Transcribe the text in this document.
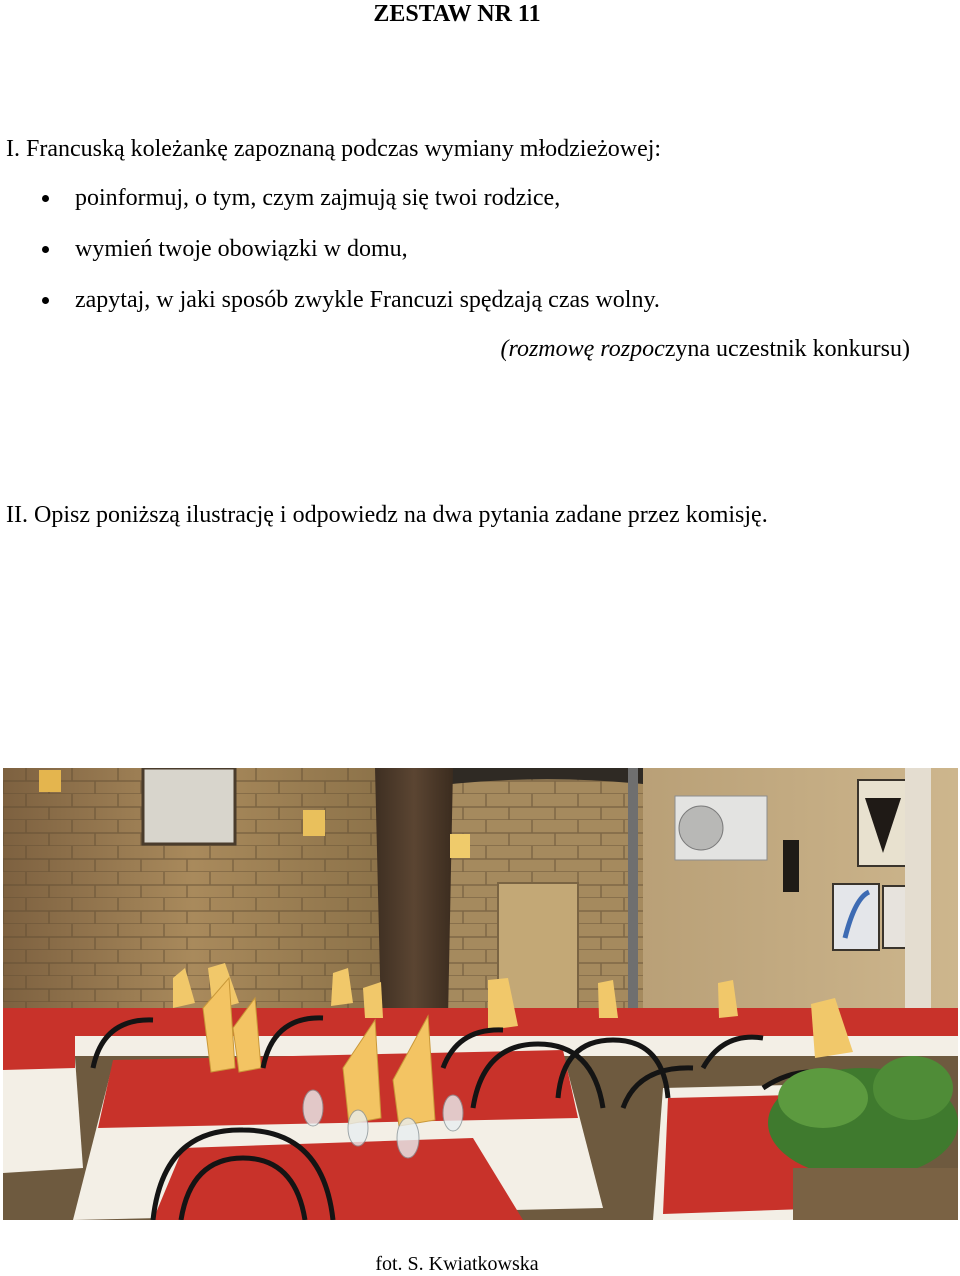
ZESTAW NR 11
I. Francuską koleżankę zapoznaną podczas wymiany młodzieżowej:
poinformuj, o tym, czym zajmują się twoi rodzice,
wymień twoje obowiązki w domu,
zapytaj, w jaki sposób zwykle Francuzi spędzają czas wolny.
(rozmowę rozpoczyna uczestnik konkursu)
II. Opisz poniższą ilustrację i odpowiedz na dwa pytania zadane przez komisję.
fot. S. Kwiatkowska
